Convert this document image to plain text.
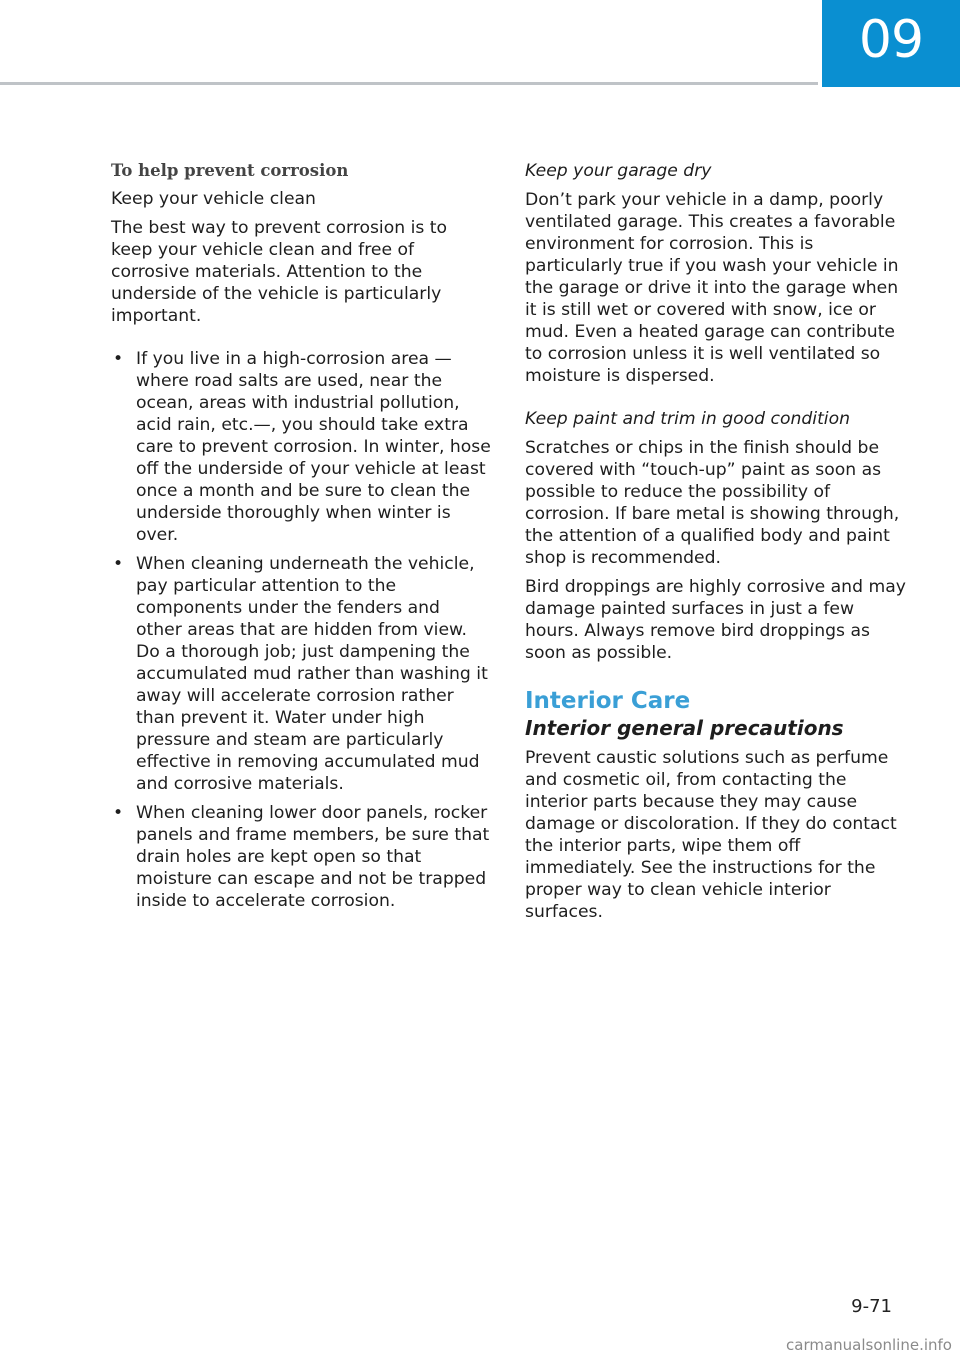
09
To help prevent corrosion

Keep your vehicle clean

The best way to prevent corrosion is to keep your vehicle clean and free of corrosive materials. Attention to the underside of the vehicle is particularly important.

• If you live in a high-corrosion area — where road salts are used, near the ocean, areas with industrial pollution, acid rain, etc.—, you should take extra care to prevent corrosion. In winter, hose off the underside of your vehicle at least once a month and be sure to clean the underside thoroughly when winter is over.
• When cleaning underneath the vehicle, pay particular attention to the components under the fenders and other areas that are hidden from view. Do a thorough job; just dampening the accumulated mud rather than washing it away will accelerate corrosion rather than prevent it. Water under high pressure and steam are particularly effective in removing accumulated mud and corrosive materials.
• When cleaning lower door panels, rocker panels and frame members, be sure that drain holes are kept open so that moisture can escape and not be trapped inside to accelerate corrosion.
Keep your garage dry

Don’t park your vehicle in a damp, poorly ventilated garage. This creates a favorable environment for corrosion. This is particularly true if you wash your vehicle in the garage or drive it into the garage when it is still wet or covered with snow, ice or mud. Even a heated garage can contribute to corrosion unless it is well ventilated so moisture is dispersed.

Keep paint and trim in good condition

Scratches or chips in the finish should be covered with “touch-up” paint as soon as possible to reduce the possibility of corrosion. If bare metal is showing through, the attention of a qualified body and paint shop is recommended.

Bird droppings are highly corrosive and may damage painted surfaces in just a few hours. Always remove bird droppings as soon as possible.

Interior Care
Interior general precautions

Prevent caustic solutions such as perfume and cosmetic oil, from contacting the interior parts because they may cause damage or discoloration. If they do contact the interior parts, wipe them off immediately. See the instructions for the proper way to clean vehicle interior surfaces.

9-71
carmanualsonline.info
